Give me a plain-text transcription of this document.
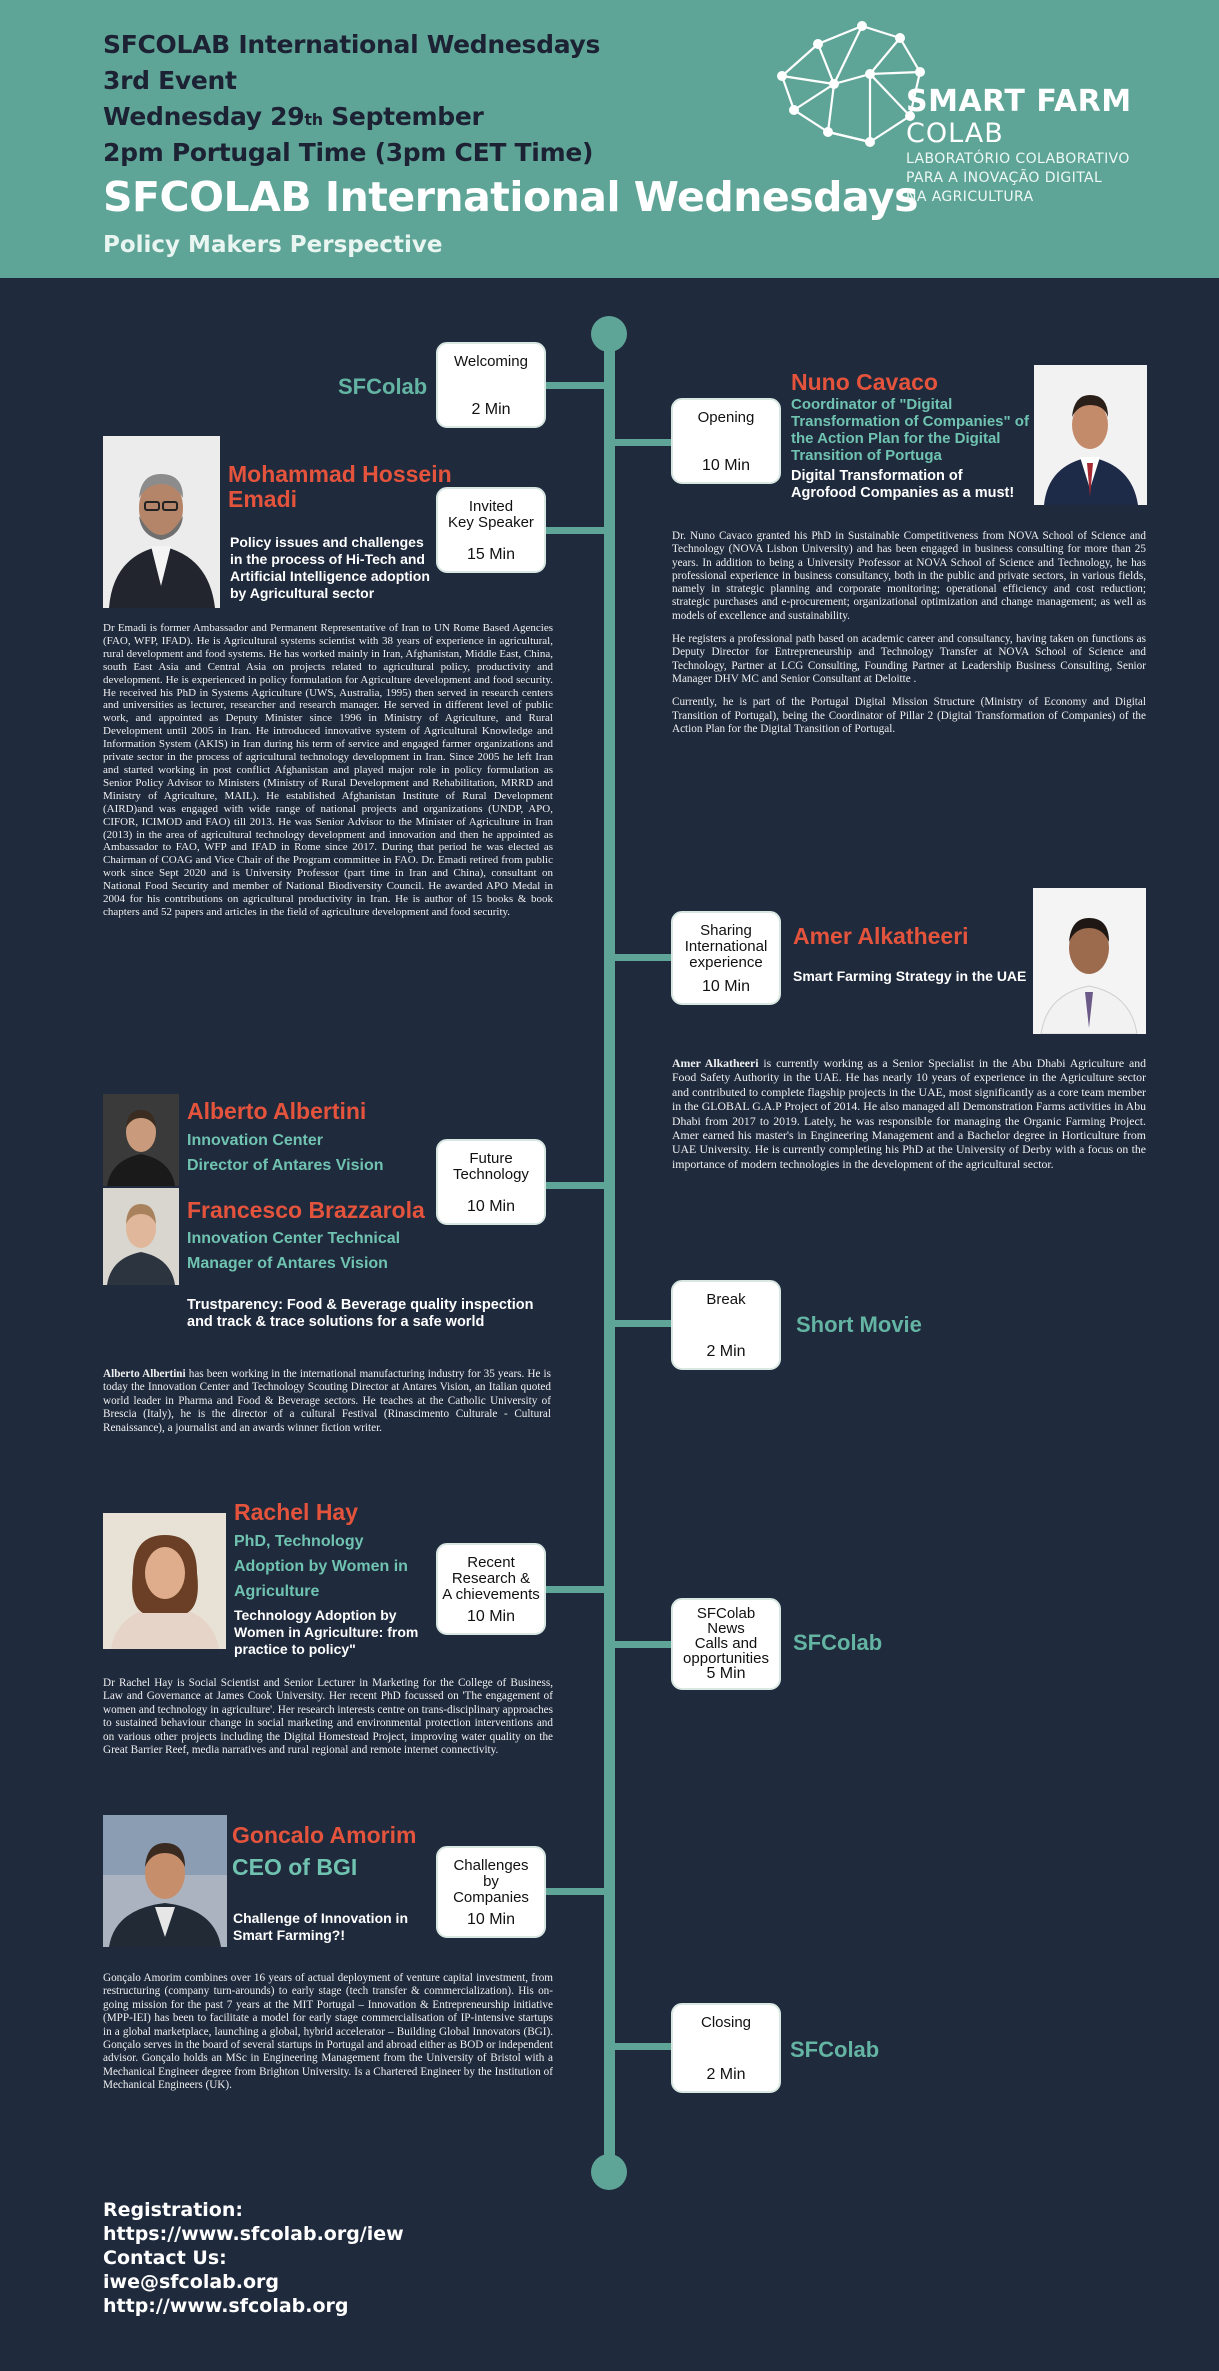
SFCOLAB International Wednesdays
3rd Event
Wednesday 29th September
2pm Portugal Time (3pm CET Time)
SFCOLAB International Wednesdays
Policy Makers Perspective
SMART FARM
COLAB
LABORATÓRIO COLABORATIVO
PARA A INOVAÇÃO DIGITAL
NA AGRICULTURA
Welcoming
2 Min
SFColab
Opening
10 Min
Invited
Key Speaker
15 Min
Sharing
International
experience
10 Min
Future
Technology
10 Min
Break
2 Min
Short Movie
Recent
Research &
A chievements
10 Min	SFColab
News
Calls and
opportunities
5 Min
SFColab
Challenges
by
Companies
10 Min
Closing
2 Min
SFColab
Nuno Cavaco
Coordinator of "Digital Transformation of Companies" of the Action Plan for the Digital Transition of Portuga
Digital Transformation of Agrofood Companies as a must!

Dr. Nuno Cavaco granted his PhD in Sustainable Competitiveness from NOVA School of Science and Technology (NOVA Lisbon University) and has been engaged in business consulting for more than 25 years. In addition to being a University Professor at NOVA School of Science and Technology, he has professional experience in business consultancy, both in the public and private sectors, in various fields, namely in strategic planning and corporate monitoring; operational efficiency and cost reduction; strategic purchases and e-procurement; organizational optimization and change management; as well as models of excellence and sustainability.

He registers a professional path based on academic career and consultancy, having taken on functions as Deputy Director for Entrepreneurship and Technology Transfer at NOVA School of Science and Technology, Partner at LCG Consulting, Founding Partner at Leadership Business Consulting, Senior Manager DHV MC and Senior Consultant at Deloitte .

Currently, he is part of the Portugal Digital Mission Structure (Ministry of Economy and Digital Transition of Portugal), being the Coordinator of Pillar 2 (Digital Transformation of Companies) of the Action Plan for the Digital Transition of Portugal.

Mohammad Hossein Emadi
Policy issues and challenges in the process of Hi-Tech and Artificial Intelligence adoption by Agricultural sector
Dr Emadi is former Ambassador and Permanent Representative of Iran to UN Rome Based Agencies (FAO, WFP, IFAD). He is Agricultural systems scientist with 38 years of experience in agricultural, rural development and food systems. He has worked mainly in Iran, Afghanistan, Middle East, China, south East Asia and Central Asia on projects related to agricultural policy, productivity and development. He is experienced in policy formulation for Agriculture development and food security. He received his PhD in Systems Agriculture (UWS, Australia, 1995) then served in research centers and universities as lecturer, researcher and research manager. He served in different level of public work, and appointed as Deputy Minister since 1996 in Ministry of Agriculture, and Rural Development until 2005 in Iran. He introduced innovative system of Agricultural Knowledge and Information System (AKIS) in Iran during his term of service and engaged farmer organizations and private sector in the process of agricultural technology development in Iran. Since 2005 he left Iran and started working in post conflict Afghanistan and played major role in policy formulation as Senior Policy Advisor to Ministers (Ministry of Rural Development and Rehabilitation, MRRD and Ministry of Agriculture, MAIL). He established Afghanistan Institute of Rural Development (AIRD)and was engaged with wide range of national projects and organizations (UNDP, APO, CIFOR, ICIMOD and FAO) till 2013. He was Senior Advisor to the Minister of Agriculture in Iran (2013) in the area of agricultural technology development and innovation and then he appointed as Ambassador to FAO, WFP and IFAD in Rome since 2017. During that period he was elected as Chairman of COAG and Vice Chair of the Program committee in FAO. Dr. Emadi retired from public work since Sept 2020 and is University Professor (part time in Iran and China), consultant on National Food Security and member of National Biodiversity Council. He awarded APO Medal in 2004 for his contributions on agricultural productivity in Iran. He is author of 15 books & book chapters and 52 papers and articles in the field of agriculture development and food security.
Amer Alkatheeri
Smart Farming Strategy in the UAE
Amer Alkatheeri is currently working as a Senior Specialist in the Abu Dhabi Agriculture and Food Safety Authority in the UAE. He has nearly 10 years of experience in the Agriculture sector and contributed to complete flagship projects in the UAE, most significantly as a core team member in the GLOBAL G.A.P Project of 2014. He also managed all Demonstration Farms activities in Abu Dhabi from 2017 to 2019. Lately, he was responsible for managing the Organic Farming Project. Amer earned his master's in Engineering Management and a Bachelor degree in Horticulture from UAE University. He is currently completing his PhD at the University of Derby with a focus on the importance of modern technologies in the development of the agricultural sector.
Alberto Albertini
Innovation Center
Director of Antares Vision
Francesco Brazzarola
Innovation Center Technical
Manager of Antares Vision
Trustparency: Food & Beverage quality inspection and track & trace solutions for a safe world
Alberto Albertini has been working in the international manufacturing industry for 35 years. He is today the Innovation Center and Technology Scouting Director at Antares Vision, an Italian quoted world leader in Pharma and Food & Beverage sectors. He teaches at the Catholic University of Brescia (Italy), he is the director of a cultural Festival (Rinascimento Culturale - Cultural Renaissance), a journalist and an awards winner fiction writer.
Rachel Hay
PhD, Technology
Adoption by Women in
Agriculture
Technology Adoption by Women in Agriculture: from practice to policy"
Dr Rachel Hay is Social Scientist and Senior Lecturer in Marketing for the College of Business, Law and Governance at James Cook University. Her recent PhD focussed on 'The engagement of women and technology in agriculture'. Her research interests centre on trans-disciplinary approaches to sustained behaviour change in social marketing and environmental protection interventions and on various other projects including the Digital Homestead Project, improving water quality on the Great Barrier Reef, media narratives and rural regional and remote internet connectivity.
Goncalo Amorim
CEO of BGI
Challenge of Innovation in Smart Farming?!
Gonçalo Amorim combines over 16 years of actual deployment of venture capital investment, from restructuring (company turn-arounds) to early stage (tech transfer & commercialization). His on-going mission for the past 7 years at the MIT Portugal – Innovation & Entrepreneurship initiative (MPP-IEI) has been to facilitate a model for early stage commercialisation of IP-intensive startups in a global marketplace, launching a global, hybrid accelerator – Building Global Innovators (BGI). Gonçalo serves in the board of several startups in Portugal and abroad either as BOD or independent advisor. Gonçalo holds an MSc in Engineering Management from the University of Bristol with a Mechanical Engineer degree from Brighton University. Is a Chartered Engineer by the Institution of Mechanical Engineers (UK).
Registration:
https://www.sfcolab.org/iew
Contact Us:
iwe@sfcolab.org
http://www.sfcolab.org
